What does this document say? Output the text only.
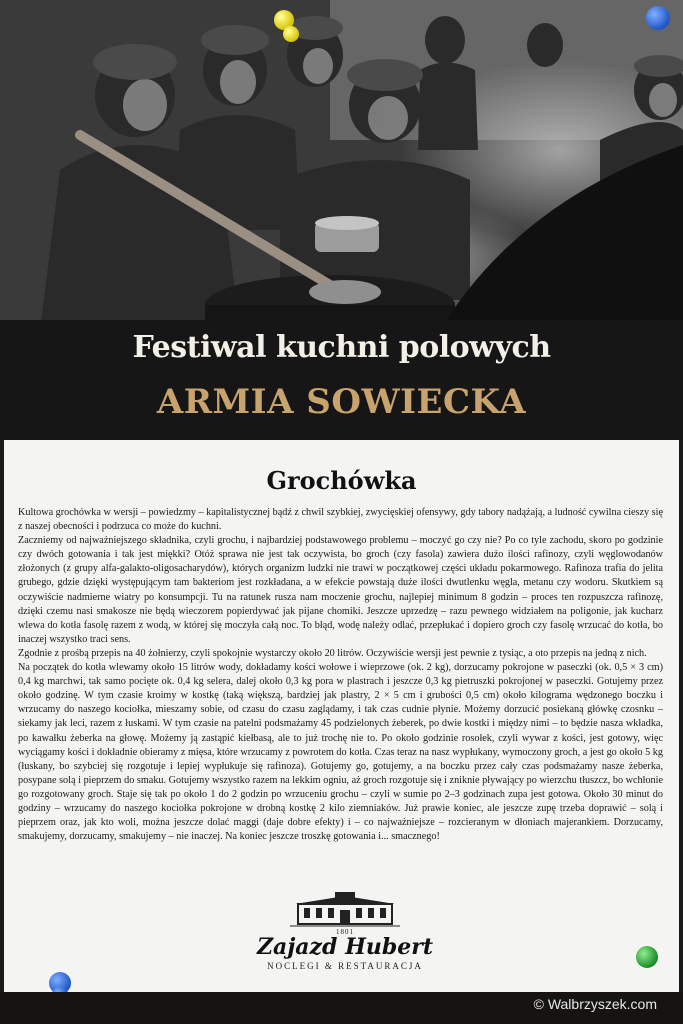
Festiwal kuchni polowych
ARMIA SOWIECKA
Grochówka

Kultowa grochówka w wersji – powiedzmy – kapitalistycznej bądź z chwil szybkiej, zwycięskiej ofensywy, gdy tabory nadążają, a ludność cywilna cieszy się z naszej obecności i podrzuca co może do kuchni.
Zaczniemy od najważniejszego składnika, czyli grochu, i najbardziej podstawowego problemu – moczyć go czy nie? Po co tyle zachodu, skoro po godzinie czy dwóch gotowania i tak jest miękki? Otóż sprawa nie jest tak oczywista, bo groch (czy fasola) zawiera dużo ilości rafinozy, czyli węglowodanów złożonych (z grupy alfa-galakto-oligosacharydów), których organizm ludzki nie trawi w początkowej części układu pokarmowego. Rafinoza trafia do jelita grubego, gdzie dzięki występującym tam bakteriom jest rozkładana, a w efekcie powstają duże ilości dwutlenku węgla, metanu czy wodoru. Skutkiem są oczywiście nadmierne wiatry po konsumpcji. Tu na ratunek rusza nam moczenie grochu, najlepiej minimum 8 godzin – proces ten rozpuszcza rafinozę, dzięki czemu nasi smakosze nie będą wieczorem popierdywać jak pijane chomiki. Jeszcze uprzedzę – razu pewnego widziałem na poligonie, jak kucharz wlewa do kotła fasolę razem z wodą, w której się moczyła całą noc. To błąd, wodę należy odlać, przepłukać i dopiero groch czy fasolę wrzucać do kotła, bo inaczej wszystko traci sens.
Zgodnie z prośbą przepis na 40 żołnierzy, czyli spokojnie wystarczy około 20 litrów. Oczywiście wersji jest pewnie z tysiąc, a oto przepis na jedną z nich.
Na początek do kotła wlewamy około 15 litrów wody, dokładamy kości wołowe i wieprzowe (ok. 2 kg), dorzucamy pokrojone w paseczki (ok. 0,5 × 3 cm) 0,4 kg marchwi, tak samo pocięte ok. 0,4 kg selera, dalej około 0,3 kg pora w plastrach i jeszcze 0,3 kg pietruszki pokrojonej w paseczki. Gotujemy przez około godzinę. W tym czasie kroimy w kostkę (taką większą, bardziej jak plastry, 2 × 5 cm i grubości 0,5 cm) około kilograma wędzonego boczku i wrzucamy do naszego kociołka, mieszamy sobie, od czasu do czasu zaglądamy, i tak czas cudnie płynie. Możemy dorzucić posiekaną główkę czosnku – siekamy jak leci, razem z łuskami. W tym czasie na patelni podsmażamy 45 podzielonych żeberek, po dwie kostki i między nimi – to będzie nasza wkładka, po kawałku żeberka na głowę. Możemy ją zastąpić kiełbasą, ale to już trochę nie to. Po około godzinie rosołek, czyli wywar z kości, jest gotowy, więc wyciągamy kości i dokładnie obieramy z mięsa, które wrzucamy z powrotem do kotła. Czas teraz na nasz wypłukany, wymoczony groch, a jest go około 5 kg (łuskany, bo szybciej się rozgotuje i lepiej wypłukuje się rafinoza). Gotujemy go, gotujemy, a na boczku przez cały czas podsmażamy nasze żeberka, posypane solą i pieprzem do smaku. Gotujemy wszystko razem na lekkim ogniu, aż groch rozgotuje się i zniknie pływający po wierzchu tłuszcz, bo wchłonie go rozgotowany groch. Staje się tak po około 1 do 2 godzin po wrzuceniu grochu – czyli w sumie po 2–3 godzinach zupa jest gotowa. Około 30 minut do godziny – wrzucamy do naszego kociołka pokrojone w drobną kostkę 2 kilo ziemniaków. Już prawie koniec, ale jeszcze zupę trzeba doprawić – solą i pieprzem oraz, jak kto woli, można jeszcze dolać maggi (daje dobre efekty) i – co najważniejsze – rozcieranym w dłoniach majerankiem. Dorzucamy, smakujemy, dorzucamy, smakujemy – nie inaczej. Na koniec jeszcze troszkę gotowania i... smacznego!

1801
Zajazd Hubert
NOCLEGI & RESTAURACJA
© Walbrzyszek.com
